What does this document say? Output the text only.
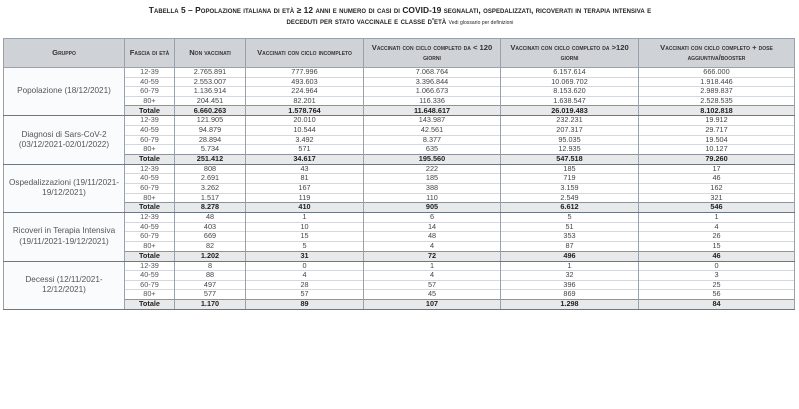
Tabella 5 – Popolazione italiana di età ≥ 12 anni e numero di casi di COVID-19 segnalati, ospedalizzati, ricoverati in terapia intensiva e
deceduti per stato vaccinale e classe d'età Vedi glossario per definizioni
Gruppo	Fascia di età	Non vaccinati	Vaccinati con ciclo incompleto	Vaccinati con ciclo completo da < 120 giorni	Vaccinati con ciclo completo da >120 giorni	Vaccinati con ciclo completo + dose aggiuntiva/booster
Popolazione (18/12/2021)	12-39	2.765.891	777.996	7.068.764	6.157.614	666.000
	40-59	2.553.007	493.603	3.396.844	10.069.702	1.918.446
	60-79	1.136.914	224.964	1.066.673	8.153.620	2.989.837
	80+	204.451	82.201	116.336	1.638.547	2.528.535
	Totale	6.660.263	1.578.764	11.648.617	26.019.483	8.102.818
Diagnosi di Sars-CoV-2 (03/12/2021-02/01/2022)	12-39	121.905	20.010	143.987	232.231	19.912
	40-59	94.879	10.544	42.561	207.317	29.717
	60-79	28.894	3.492	8.377	95.035	19.504
	80+	5.734	571	635	12.935	10.127
	Totale	251.412	34.617	195.560	547.518	79.260
Ospedalizzazioni (19/11/2021-19/12/2021)	12-39	808	43	222	185	17
	40-59	2.691	81	185	719	46
	60-79	3.262	167	388	3.159	162
	80+	1.517	119	110	2.549	321
	Totale	8.278	410	905	6.612	546
Ricoveri in Terapia Intensiva (19/11/2021-19/12/2021)	12-39	48	1	6	5	1
	40-59	403	10	14	51	4
	60-79	669	15	48	353	26
	80+	82	5	4	87	15
	Totale	1.202	31	72	496	46
Decessi (12/11/2021-12/12/2021)	12-39	8	0	1	1	0
	40-59	88	4	4	32	3
	60-79	497	28	57	396	25
	80+	577	57	45	869	56
	Totale	1.170	89	107	1.298	84
